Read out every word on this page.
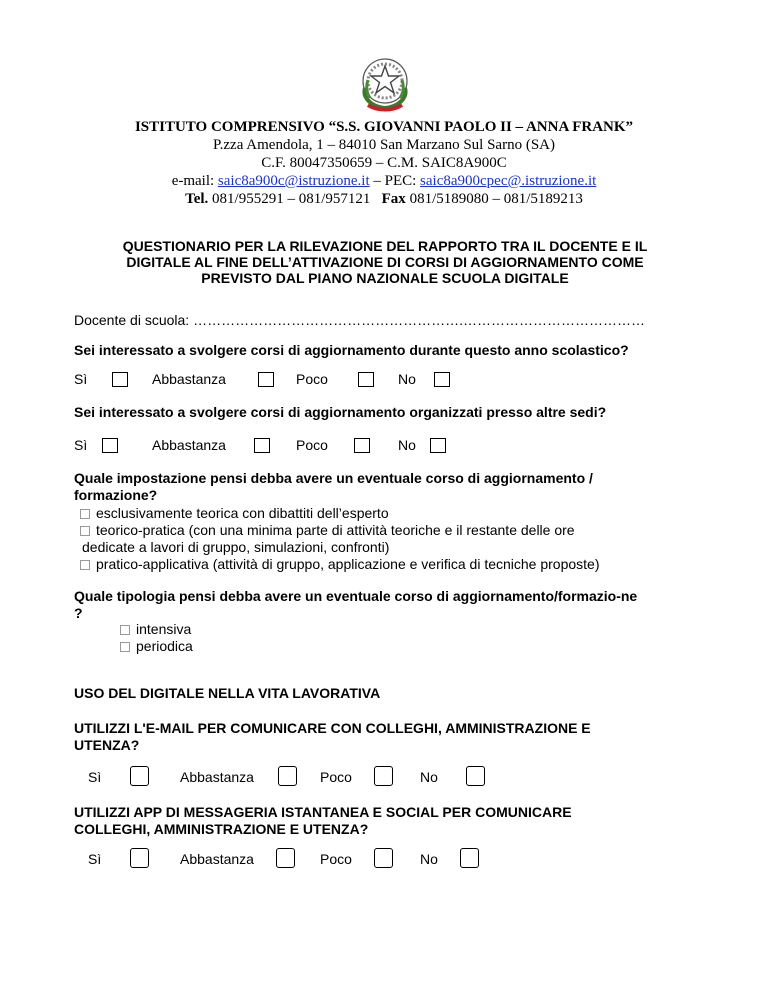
ISTITUTO COMPRENSIVO “S.S. GIOVANNI PAOLO II – ANNA FRANK”
P.zza Amendola, 1 – 84010 San Marzano Sul Sarno (SA)
C.F. 80047350659 – C.M. SAIC8A900C
e-mail: saic8a900c@istruzione.it – PEC: saic8a900cpec@.istruzione.it
Tel. 081/955291 – 081/957121   Fax 081/5189080 – 081/5189213
QUESTIONARIO PER LA RILEVAZIONE DEL RAPPORTO TRA IL DOCENTE E IL
DIGITALE AL FINE DELL’ATTIVAZIONE DI CORSI DI AGGIORNAMENTO COME
PREVISTO DAL PIANO NAZIONALE SCUOLA DIGITALE
Docente di scuola: ………………………………………………….…………………………………
Sei interessato a svolgere corsi di aggiornamento durante questo anno scolastico?
Sì	Abbastanza	Poco	No
Sei interessato a svolgere corsi di aggiornamento organizzati presso altre sedi?
Sì	Abbastanza	Poco	No
Quale impostazione pensi debba avere un eventuale corso di aggiornamento /
formazione?
esclusivamente teorica con dibattiti dell’esperto
teorico-pratica (con una minima parte di attività teoriche e il restante delle ore
dedicate a lavori di gruppo, simulazioni, confronti)
pratico-applicativa (attività di gruppo, applicazione e verifica di tecniche proposte)
Quale tipologia pensi debba avere un eventuale corso di aggiornamento/formazio-ne
?
intensiva
periodica
USO DEL DIGITALE NELLA VITA LAVORATIVA
UTILIZZI L'E-MAIL PER COMUNICARE CON COLLEGHI, AMMINISTRAZIONE E
UTENZA?
Sì	Abbastanza	Poco	No
UTILIZZI APP DI MESSAGERIA ISTANTANEA E SOCIAL PER COMUNICARE
COLLEGHI, AMMINISTRAZIONE E UTENZA?
Sì	Abbastanza	Poco	No
